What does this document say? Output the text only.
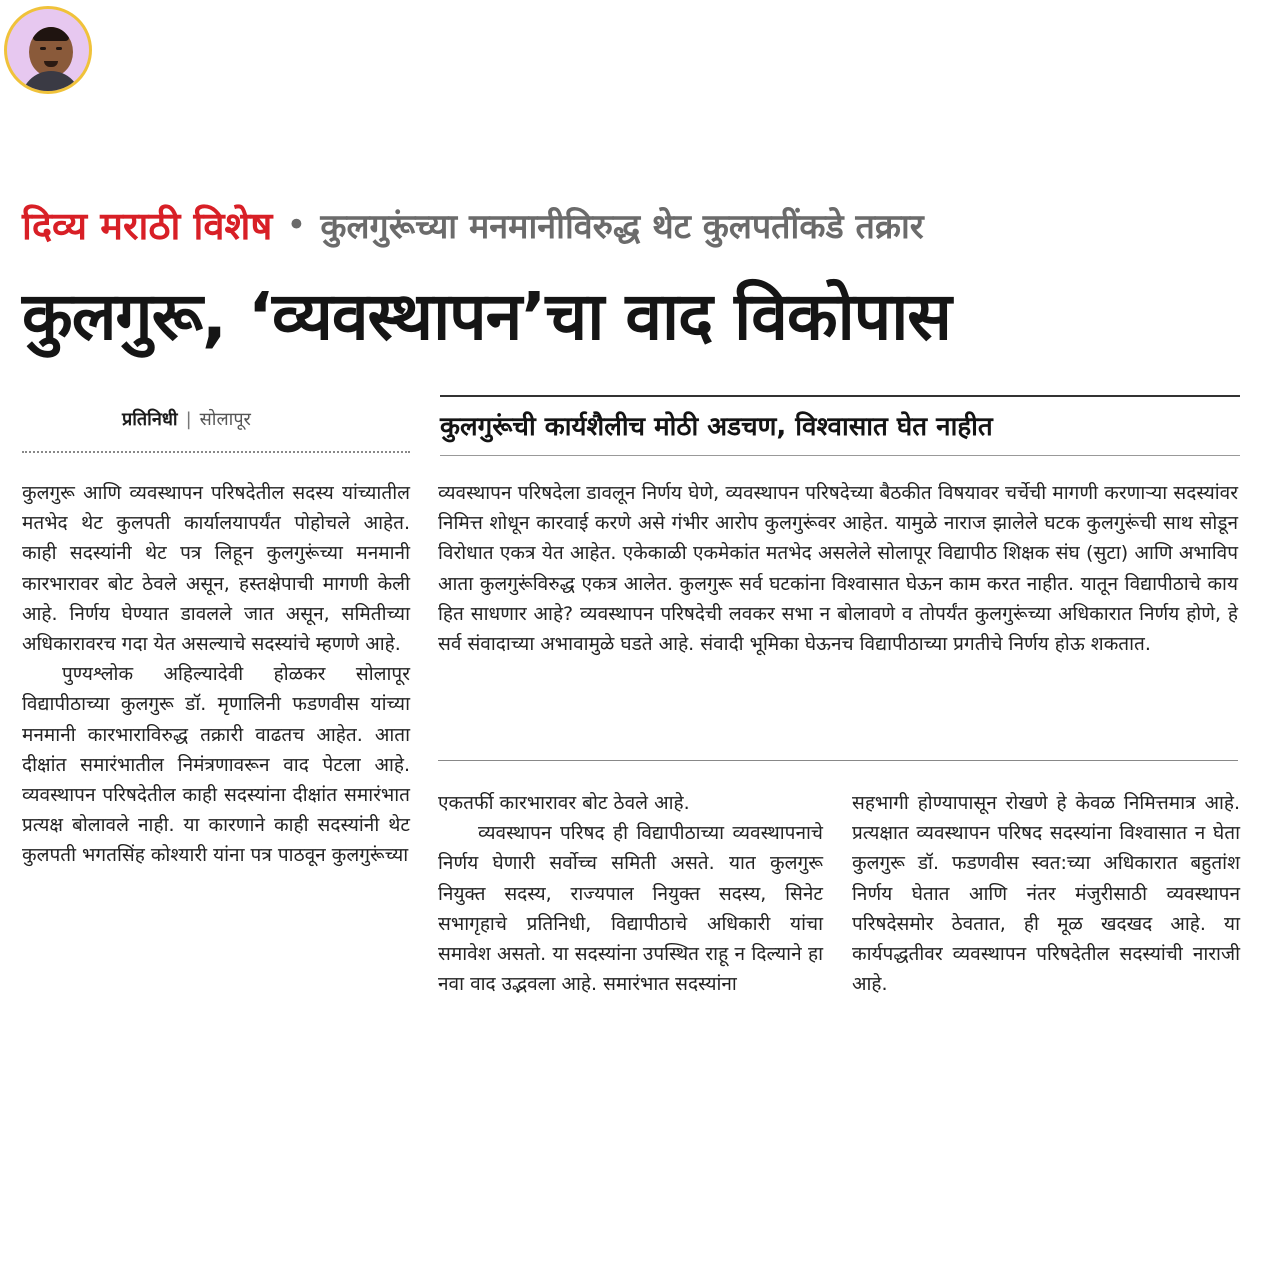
दिव्य मराठी विशेष • कुलगुरूंच्या मनमानीविरुद्ध थेट कुलपतींकडे तक्रार
कुलगुरू, ‘व्यवस्थापन’चा वाद विकोपास
प्रतिनिधी | सोलापूर	कुलगुरूंची कार्यशैलीच मोठी अडचण, विश्वासात घेत नाहीत

कुलगुरू आणि व्यवस्थापन परिषदेतील सदस्य यांच्यातील मतभेद थेट कुलपती कार्यालयापर्यंत पोहोचले आहेत. काही सदस्यांनी थेट पत्र लिहून कुलगुरूंच्या मनमानी कारभारावर बोट ठेवले असून, हस्तक्षेपाची मागणी केली आहे. निर्णय घेण्यात डावलले जात असून, समितीच्या अधिकारावरच गदा येत असल्याचे सदस्यांचे म्हणणे आहे.

पुण्यश्लोक अहिल्यादेवी होळकर सोलापूर विद्यापीठाच्या कुलगुरू डॉ. मृणालिनी फडणवीस यांच्या मनमानी कारभाराविरुद्ध तक्रारी वाढतच आहेत. आता दीक्षांत समारंभातील निमंत्रणावरून वाद पेटला आहे. व्यवस्थापन परिषदेतील काही सदस्यांना दीक्षांत समारंभात प्रत्यक्ष बोलावले नाही. या कारणाने काही सदस्यांनी थेट कुलपती भगतसिंह कोश्यारी यांना पत्र पाठवून कुलगुरूंच्या

व्यवस्थापन परिषदेला डावलून निर्णय घेणे, व्यवस्थापन परिषदेच्या बैठकीत विषयावर चर्चेची मागणी करणाऱ्या सदस्यांवर निमित्त शोधून कारवाई करणे असे गंभीर आरोप कुलगुरूंवर आहेत. यामुळे नाराज झालेले घटक कुलगुरूंची साथ सोडून विरोधात एकत्र येत आहेत. एकेकाळी एकमेकांत मतभेद असलेले सोलापूर विद्यापीठ शिक्षक संघ (सुटा) आणि अभाविप आता कुलगुरूंविरुद्ध एकत्र आलेत. कुलगुरू सर्व घटकांना विश्वासात घेऊन काम करत नाहीत. यातून विद्यापीठाचे काय हित साधणार आहे? व्यवस्थापन परिषदेची लवकर सभा न बोलावणे व तोपर्यंत कुलगुरूंच्या अधिकारात निर्णय होणे, हे सर्व संवादाच्या अभावामुळे घडते आहे. संवादी भूमिका घेऊनच विद्यापीठाच्या प्रगतीचे निर्णय होऊ शकतात.

एकतर्फी कारभारावर बोट ठेवले आहे.

व्यवस्थापन परिषद ही विद्यापीठाच्या व्यवस्थापनाचे निर्णय घेणारी सर्वोच्च समिती असते. यात कुलगुरू नियुक्त सदस्य, राज्यपाल नियुक्त सदस्य, सिनेट सभागृहाचे प्रतिनिधी, विद्यापीठाचे अधिकारी यांचा समावेश असतो. या सदस्यांना उपस्थित राहू न दिल्याने हा नवा वाद उद्भवला आहे. समारंभात सदस्यांना

सहभागी होण्यापासून रोखणे हे केवळ निमित्तमात्र आहे. प्रत्यक्षात व्यवस्थापन परिषद सदस्यांना विश्वासात न घेता कुलगुरू डॉ. फडणवीस स्वत:च्या अधिकारात बहुतांश निर्णय घेतात आणि नंतर मंजुरीसाठी व्यवस्थापन परिषदेसमोर ठेवतात, ही मूळ खदखद आहे. या कार्यपद्धतीवर व्यवस्थापन परिषदेतील सदस्यांची नाराजी आहे.
